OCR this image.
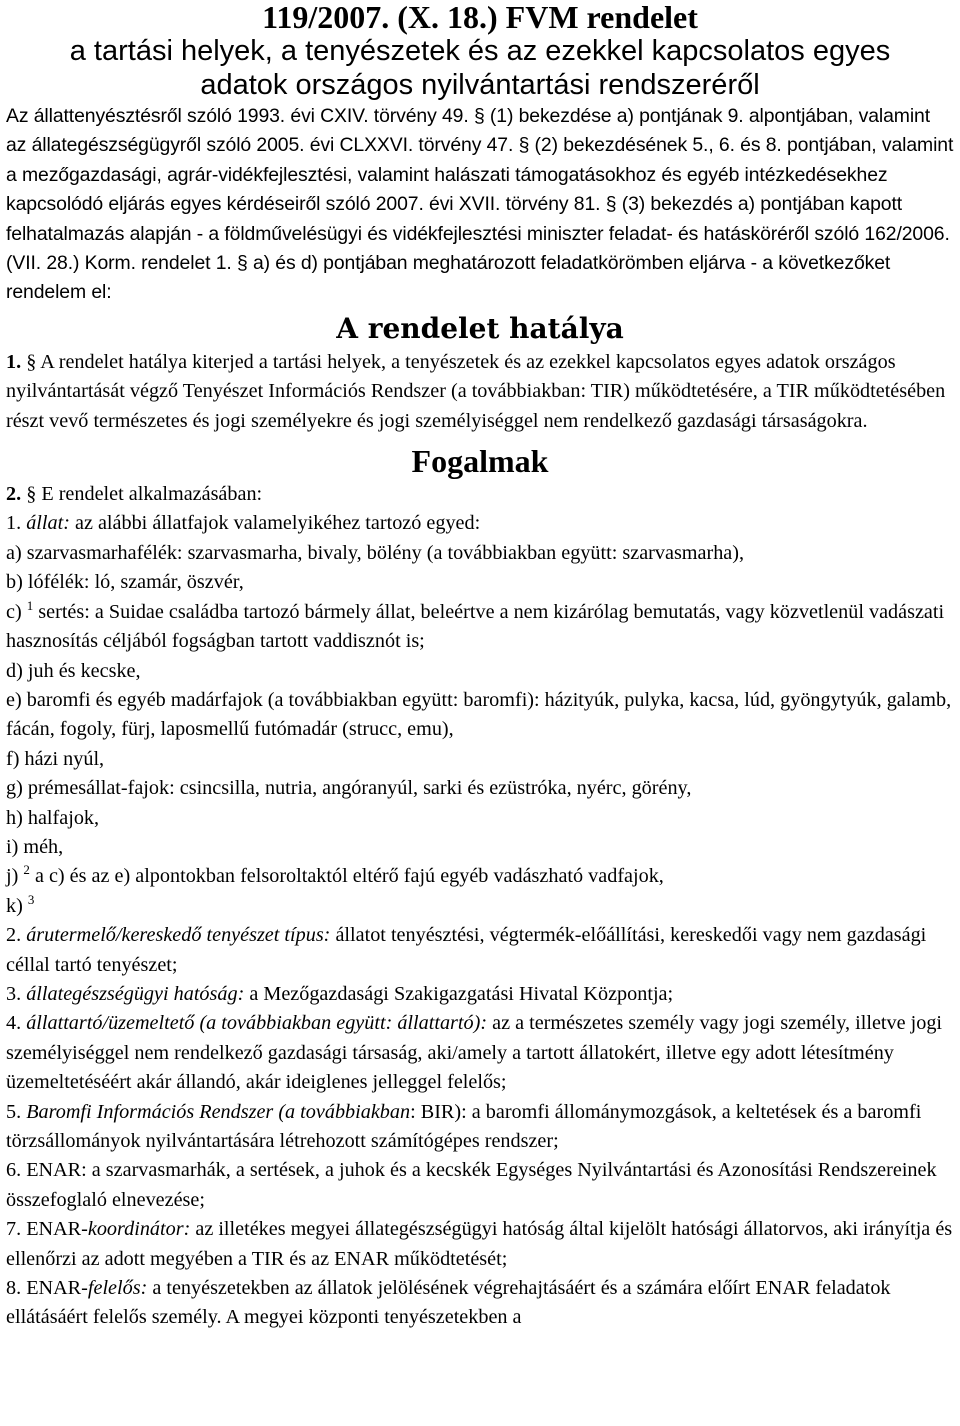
119/2007. (X. 18.) FVM rendelet
a tartási helyek, a tenyészetek és az ezekkel kapcsolatos egyes
adatok országos nyilvántartási rendszeréről

Az állattenyésztésről szóló 1993. évi CXIV. törvény 49. § (1) bekezdése a) pontjának 9. alpontjában, valamint az állategészségügyről szóló 2005. évi CLXXVI. törvény 47. § (2) bekezdésének 5., 6. és 8. pontjában, valamint a mezőgazdasági, agrár-vidékfejlesztési, valamint halászati támogatásokhoz és egyéb intézkedésekhez kapcsolódó eljárás egyes kérdéseiről szóló 2007. évi XVII. törvény 81. § (3) bekezdés a) pontjában kapott felhatalmazás alapján - a földművelésügyi és vidékfejlesztési miniszter feladat- és hatásköréről szóló 162/2006. (VII. 28.) Korm. rendelet 1. § a) és d) pontjában meghatározott feladatkörömben eljárva - a következőket rendelem el:

A rendelet hatálya

1. § A rendelet hatálya kiterjed a tartási helyek, a tenyészetek és az ezekkel kapcsolatos egyes adatok országos nyilvántartását végző Tenyészet Információs Rendszer (a továbbiakban: TIR) működtetésére, a TIR működtetésében részt vevő természetes és jogi személyekre és jogi személyiséggel nem rendelkező gazdasági társaságokra.

Fogalmak

2. § E rendelet alkalmazásában:

1. állat: az alábbi állatfajok valamelyikéhez tartozó egyed:

a) szarvasmarhafélék: szarvasmarha, bivaly, bölény (a továbbiakban együtt: szarvasmarha),

b) lófélék: ló, szamár, öszvér,

c) $^1$ sertés: a Suidae családba tartozó bármely állat, beleértve a nem kizárólag bemutatás, vagy közvetlenül vadászati hasznosítás céljából fogságban tartott vaddisznót is;

d) juh és kecske,

e) baromfi és egyéb madárfajok (a továbbiakban együtt: baromfi): házityúk, pulyka, kacsa, lúd, gyöngytyúk, galamb, fácán, fogoly, fürj, laposmellű futómadár (strucc, emu),

f) házi nyúl,

g) prémesállat-fajok: csincsilla, nutria, angóranyúl, sarki és ezüstróka, nyérc, görény,

h) halfajok,

i) méh,

j) $^2$ a c) és az e) alpontokban felsoroltaktól eltérő fajú egyéb vadászható vadfajok,

k) $^3$

2. árutermelő/kereskedő tenyészet típus: állatot tenyésztési, végtermék-előállítási, kereskedői vagy nem gazdasági céllal tartó tenyészet;

3. állategészségügyi hatóság: a Mezőgazdasági Szakigazgatási Hivatal Központja;

4. állattartó/üzemeltető (a továbbiakban együtt: állattartó): az a természetes személy vagy jogi személy, illetve jogi személyiséggel nem rendelkező gazdasági társaság, aki/amely a tartott állatokért, illetve egy adott létesítmény üzemeltetéséért akár állandó, akár ideiglenes jelleggel felelős;

5. Baromfi Információs Rendszer (a továbbiakban: BIR): a baromfi állománymozgások, a keltetések és a baromfi törzsállományok nyilvántartására létrehozott számítógépes rendszer;

6. ENAR: a szarvasmarhák, a sertések, a juhok és a kecskék Egységes Nyilvántartási és Azonosítási Rendszereinek összefoglaló elnevezése;

7. ENAR-koordinátor: az illetékes megyei állategészségügyi hatóság által kijelölt hatósági állatorvos, aki irányítja és ellenőrzi az adott megyében a TIR és az ENAR működtetését;

8. ENAR-felelős: a tenyészetekben az állatok jelölésének végrehajtásáért és a számára előírt ENAR feladatok ellátásáért felelős személy. A megyei központi tenyészetekben a
